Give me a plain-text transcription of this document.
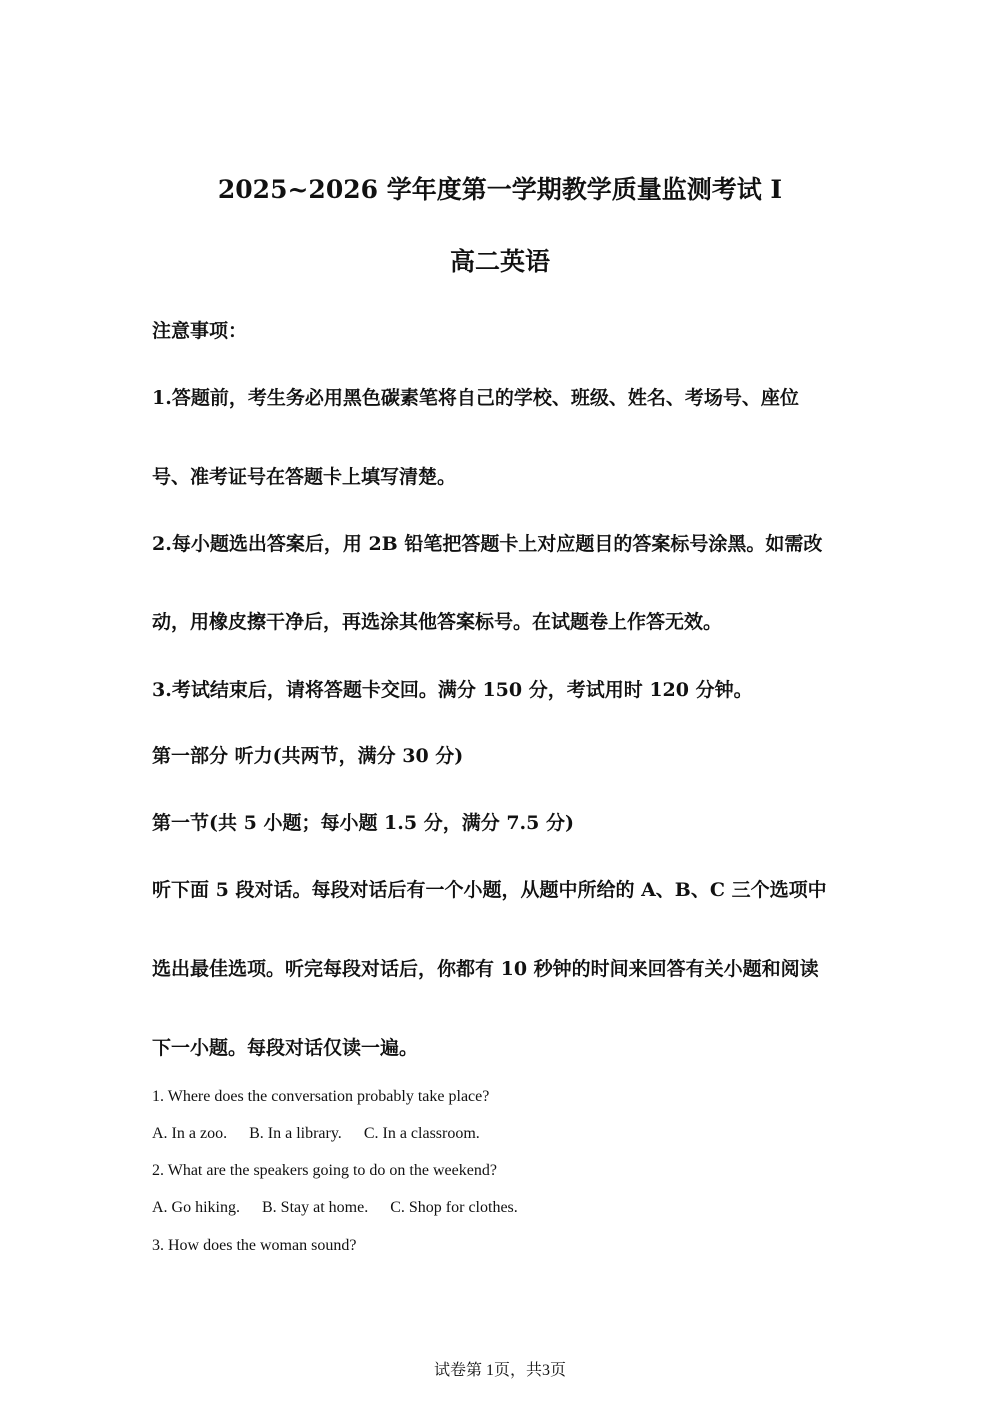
2025~2026 学年度第一学期教学质量监测考试 I
高二英语
注意事项：
1.答题前，考生务必用黑色碳素笔将自己的学校、班级、姓名、考场号、座位
号、准考证号在答题卡上填写清楚。
2.每小题选出答案后，用 2B 铅笔把答题卡上对应题目的答案标号涂黑。如需改
动，用橡皮擦干净后，再选涂其他答案标号。在试题卷上作答无效。
3.考试结束后，请将答题卡交回。满分 150 分，考试用时 120 分钟。
第一部分 听力(共两节，满分 30 分)
第一节(共 5 小题；每小题 1.5 分，满分 7.5 分)
听下面 5 段对话。每段对话后有一个小题，从题中所给的 A、B、C 三个选项中
选出最佳选项。听完每段对话后，你都有 10 秒钟的时间来回答有关小题和阅读
下一小题。每段对话仅读一遍。
1. Where does the conversation probably take place?
A. In a zoo. B. In a library. C. In a classroom.
2. What are the speakers going to do on the weekend?
A. Go hiking. B. Stay at home. C. Shop for clothes.
3. How does the woman sound?
试卷第 1页，共3页
